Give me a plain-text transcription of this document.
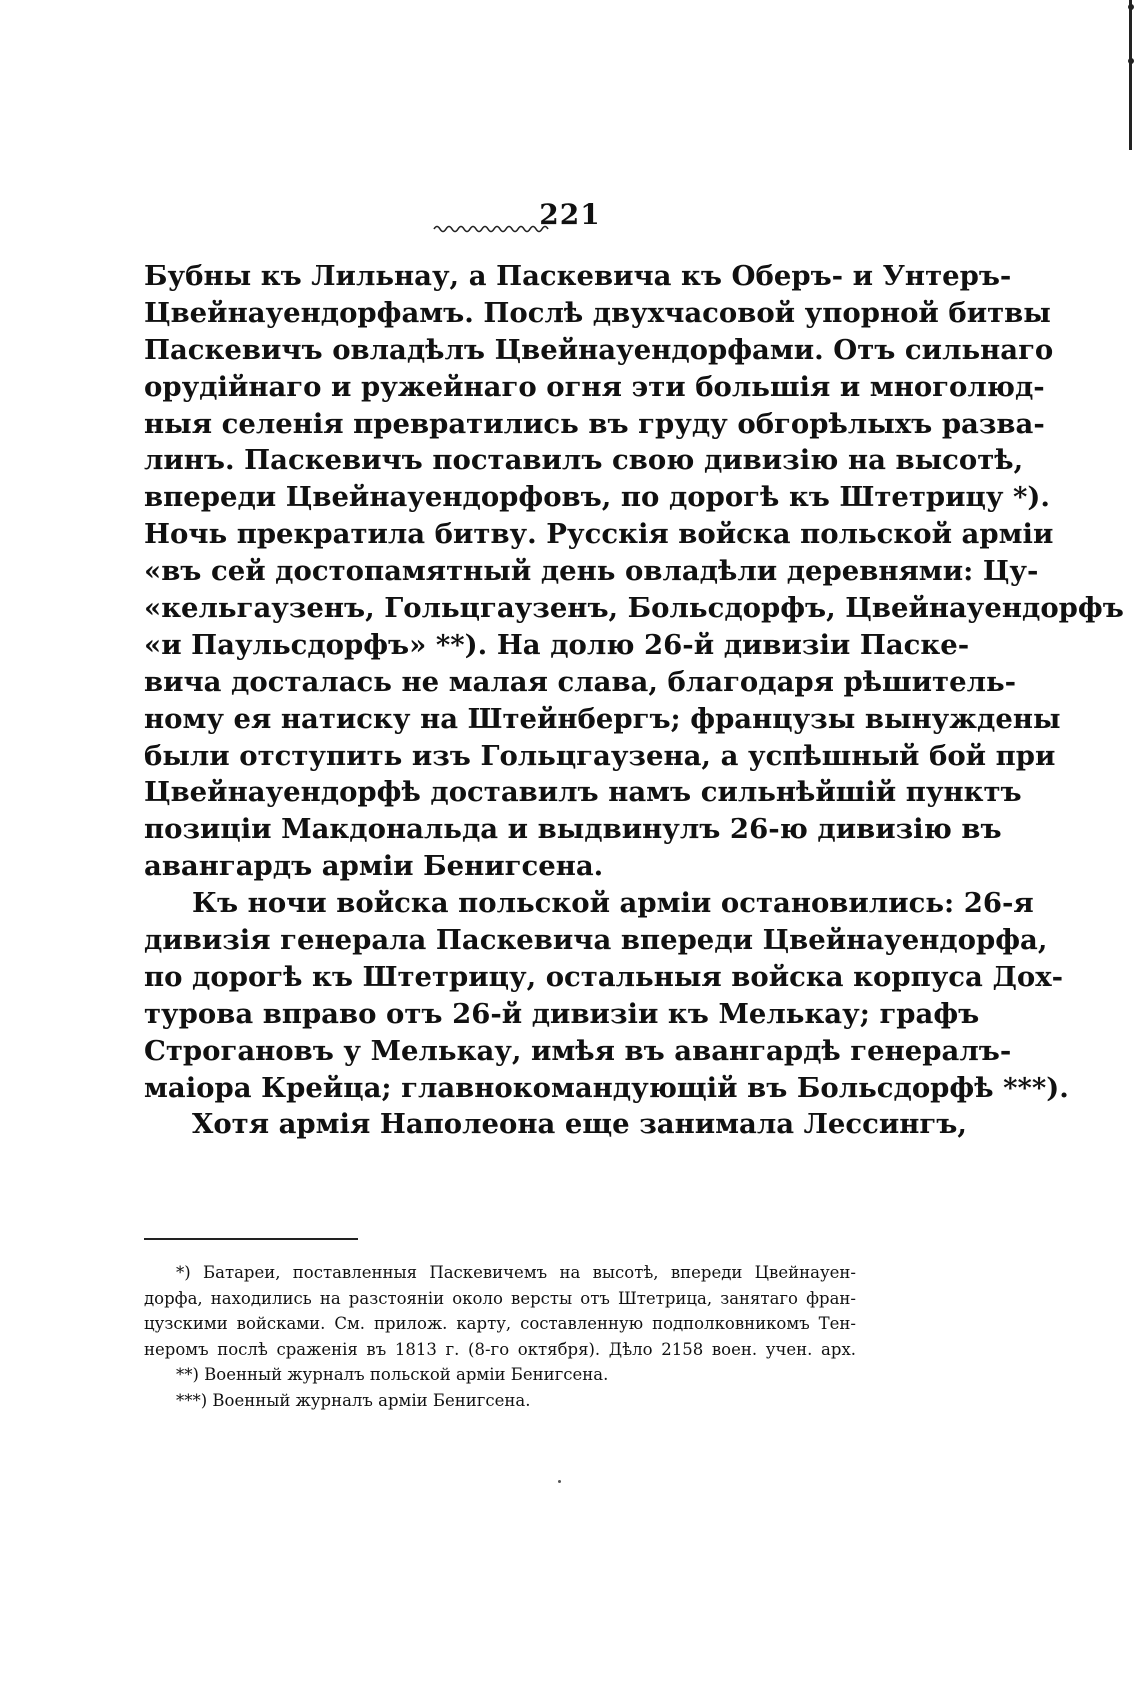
221
Бубны къ Лильнау, а Паскевича къ Оберъ- и Унтеръ-
Цвейнауендорфамъ. Послѣ двухчасовой упорной битвы
Паскевичъ овладѣлъ Цвейнауендорфами. Отъ сильнаго
орудійнаго и ружейнаго огня эти большія и многолюд-
ныя селенія превратились въ груду обгорѣлыхъ разва-
линъ. Паскевичъ поставилъ свою дивизію на высотѣ,
впереди Цвейнауендорфовъ, по дорогѣ къ Штетрицу *).
Ночь прекратила битву. Русскія войска польской арміи
«въ сей достопамятный день овладѣли деревнями: Цу-
«кельгаузенъ, Гольцгаузенъ, Больсдорфъ, Цвейнауендорфъ
«и Паульсдорфъ» **). На долю 26-й дивизіи Паске-
вича досталась не малая слава, благодаря рѣшитель-
ному ея натиску на Штейнбергъ; французы вынуждены
были отступить изъ Гольцгаузена, а успѣшный бой при
Цвейнауендорфѣ доставилъ намъ сильнѣйшій пунктъ
позиціи Макдональда и выдвинулъ 26-ю дивизію въ
авангардъ арміи Бенигсена.
Къ ночи войска польской арміи остановились: 26-я
дивизія генерала Паскевича впереди Цвейнауендорфа,
по дорогѣ къ Штетрицу, остальныя войска корпуса Дох-
турова вправо отъ 26-й дивизіи къ Мелькау; графъ
Строгановъ у Мелькау, имѣя въ авангардѣ генералъ-
маіора Крейца; главнокомандующій въ Больсдорфѣ ***).
Хотя армія Наполеона еще занимала Лессингъ,
*) Батареи, поставленныя Паскевичемъ на высотѣ, впереди Цвейнауен-
дорфа, находились на разстояніи около версты отъ Штетрица, занятаго фран-
цузскими войсками. См. прилож. карту, составленную подполковникомъ Тен-
неромъ послѣ сраженія въ 1813 г. (8-го октября). Дѣло 2158 воен. учен. арх.
**) Военный журналъ польской арміи Бенигсена.
***) Военный журналъ арміи Бенигсена.
